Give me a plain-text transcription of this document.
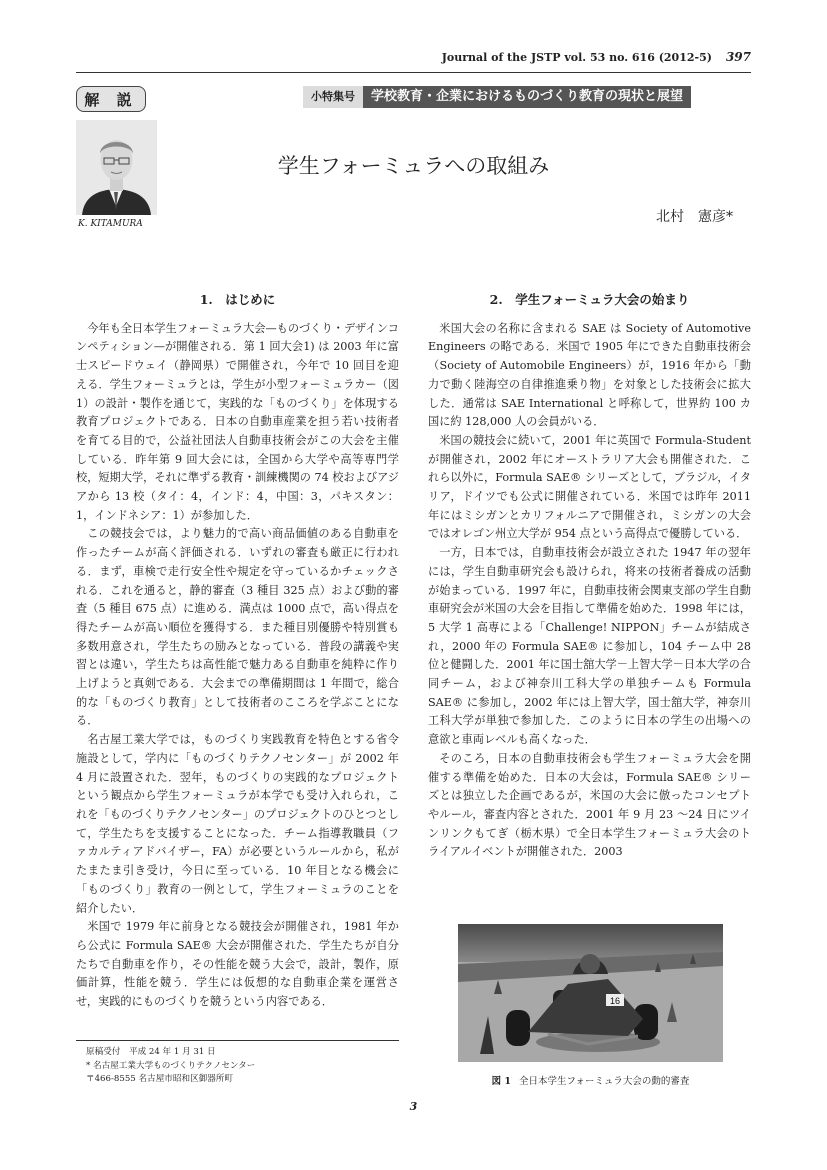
Journal of the JSTP vol. 53 no. 616 (2012-5) 397
解 説	小特集号	学校教育・企業におけるものづくり教育の現状と展望
K. KITAMURA
学生フォーミュラへの取組み
北村　憲彦*
1.　はじめに

今年も全日本学生フォーミュラ大会—ものづくり・デザインコンペティション—が開催される．第 1 回大会1) は 2003 年に富士スピードウェイ（静岡県）で開催され，今年で 10 回目を迎える．学生フォーミュラとは，学生が小型フォーミュラカー（図 1）の設計・製作を通じて，実践的な「ものづくり」を体現する教育プロジェクトである．日本の自動車産業を担う若い技術者を育てる目的で，公益社団法人自動車技術会がこの大会を主催している．昨年第 9 回大会には，全国から大学や高等専門学校，短期大学，それに準ずる教育・訓練機関の 74 校およびアジアから 13 校（タイ：4，インド：4，中国：3，パキスタン：1，インドネシア：1）が参加した．

この競技会では，より魅力的で高い商品価値のある自動車を作ったチームが高く評価される．いずれの審査も厳正に行われる．まず，車検で走行安全性や規定を守っているかチェックされる．これを通ると，静的審査（3 種目 325 点）および動的審査（5 種目 675 点）に進める．満点は 1000 点で，高い得点を得たチームが高い順位を獲得する．また種目別優勝や特別賞も多数用意され，学生たちの励みとなっている．普段の講義や実習とは違い，学生たちは高性能で魅力ある自動車を純粋に作り上げようと真剣である．大会までの準備期間は 1 年間で，総合的な「ものづくり教育」として技術者のこころを学ぶことになる．

名古屋工業大学では，ものづくり実践教育を特色とする省令施設として，学内に「ものづくりテクノセンター」が 2002 年 4 月に設置された．翌年，ものづくりの実践的なプロジェクトという観点から学生フォーミュラが本学でも受け入れられ，これを「ものづくりテクノセンター」のプロジェクトのひとつとして，学生たちを支援することになった．チーム指導教職員（ファカルティアドバイザー，FA）が必要というルールから，私がたまたま引き受け，今日に至っている．10 年目となる機会に「ものづくり」教育の一例として，学生フォーミュラのことを紹介したい．

米国で 1979 年に前身となる競技会が開催され，1981 年から公式に Formula SAE® 大会が開催された．学生たちが自分たちで自動車を作り，その性能を競う大会で，設計，製作，原価計算，性能を競う．学生には仮想的な自動車企業を運営させ，実践的にものづくりを競うという内容である．

2.　学生フォーミュラ大会の始まり

米国大会の名称に含まれる SAE は Society of Automotive Engineers の略である．米国で 1905 年にできた自動車技術会（Society of Automobile Engineers）が，1916 年から「動力で動く陸海空の自律推進乗り物」を対象とした技術会に拡大した．通常は SAE International と呼称して，世界約 100 カ国に約 128,000 人の会員がいる．

米国の競技会に続いて，2001 年に英国で Formula-Student が開催され，2002 年にオーストラリア大会も開催された．これら以外に，Formula SAE® シリーズとして，ブラジル，イタリア，ドイツでも公式に開催されている．米国では昨年 2011 年にはミシガンとカリフォルニアで開催され，ミシガンの大会ではオレゴン州立大学が 954 点という高得点で優勝している．

一方，日本では，自動車技術会が設立された 1947 年の翌年には，学生自動車研究会も設けられ，将来の技術者養成の活動が始まっている．1997 年に，自動車技術会関東支部の学生自動車研究会が米国の大会を目指して準備を始めた．1998 年には，5 大学 1 高専による「Challenge! NIPPON」チームが結成され，2000 年の Formula SAE® に参加し，104 チーム中 28 位と健闘した．2001 年に国士舘大学－上智大学－日本大学の合同チーム，および神奈川工科大学の単独チームも Formula SAE® に参加し，2002 年には上智大学，国士舘大学，神奈川工科大学が単独で参加した．このように日本の学生の出場への意欲と車両レベルも高くなった．

そのころ，日本の自動車技術会も学生フォーミュラ大会を開催する準備を始めた．日本の大会は，Formula SAE® シリーズとは独立した企画であるが，米国の大会に倣ったコンセプトやルール，審査内容とされた．2001 年 9 月 23 ～24 日にツインリンクもてぎ（栃木県）で全日本学生フォーミュラ大会のトライアルイベントが開催された．2003

原稿受付　平成 24 年 1 月 31 日
* 名古屋工業大学ものづくりテクノセンター
〒466-8555 名古屋市昭和区御器所町
16
図 1 全日本学生フォーミュラ大会の動的審査
3
